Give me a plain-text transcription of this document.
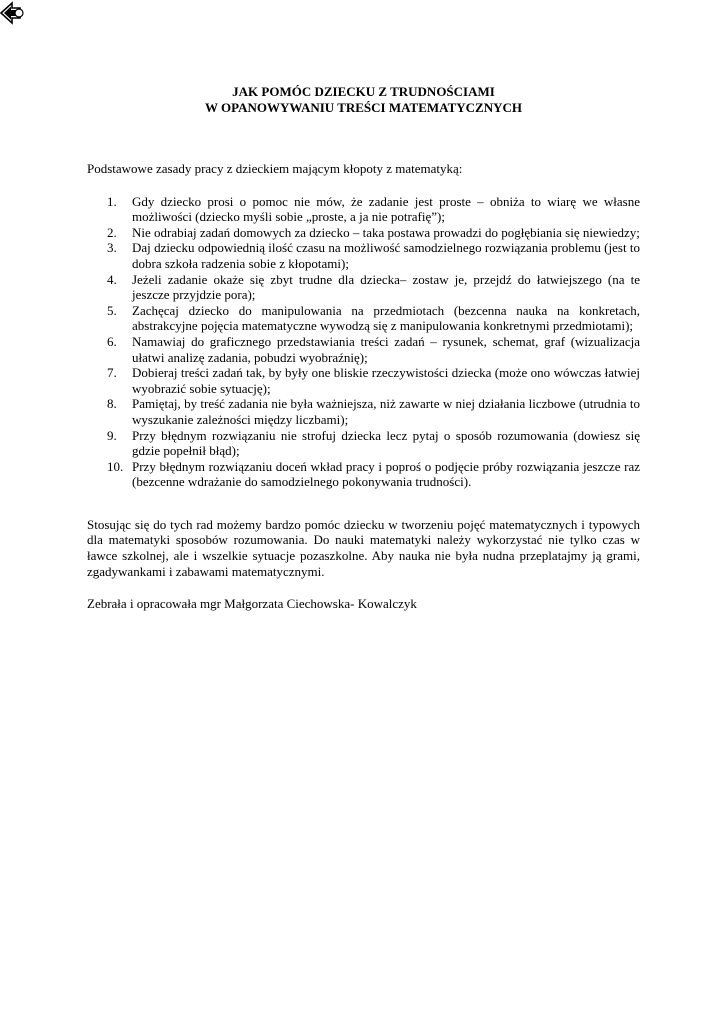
JAK POMÓC DZIECKU Z TRUDNOŚCIAMI
W OPANOWYWANIU TREŚCI MATEMATYCZNYCH

Podstawowe zasady pracy z dzieckiem mającym kłopoty z matematyką:

1.	Gdy dziecko prosi o pomoc nie mów, że zadanie jest proste – obniża to wiarę we własne możliwości (dziecko myśli sobie „proste, a ja nie potrafię”);
2.	Nie odrabiaj zadań domowych za dziecko – taka postawa prowadzi do pogłębiania się niewiedzy;
3.	Daj dziecku odpowiednią ilość czasu na możliwość samodzielnego rozwiązania problemu (jest to dobra szkoła radzenia sobie z kłopotami);
4.	Jeżeli zadanie okaże się zbyt trudne dla dziecka– zostaw je, przejdź do łatwiejszego (na te jeszcze przyjdzie pora);
5.	Zachęcaj dziecko do manipulowania na przedmiotach (bezcenna nauka na konkretach, abstrakcyjne pojęcia matematyczne wywodzą się z manipulowania konkretnymi przedmiotami);
6.	Namawiaj do graficznego przedstawiania treści zadań – rysunek, schemat, graf (wizualizacja ułatwi analizę zadania, pobudzi wyobraźnię);
7.	Dobieraj treści zadań tak, by były one bliskie rzeczywistości dziecka (może ono wówczas łatwiej wyobrazić sobie sytuację);
8.	Pamiętaj, by treść zadania nie była ważniejsza, niż zawarte w niej działania liczbowe (utrudnia to wyszukanie zależności między liczbami);
9.	Przy błędnym rozwiązaniu nie strofuj dziecka lecz pytaj o sposób rozumowania (dowiesz się gdzie popełnił błąd);
10. Przy błędnym rozwiązaniu doceń wkład pracy i poproś o podjęcie próby rozwiązania jeszcze raz (bezcenne wdrażanie do samodzielnego pokonywania trudności).

Stosując się do tych rad możemy bardzo pomóc dziecku w tworzeniu pojęć matematycznych i typowych dla matematyki sposobów rozumowania. Do nauki matematyki należy wykorzystać nie tylko czas w ławce szkolnej, ale i wszelkie sytuacje pozaszkolne. Aby nauka nie była nudna przeplatajmy ją grami, zgadywankami i zabawami matematycznymi.

Zebrała i opracowała mgr Małgorzata Ciechowska- Kowalczyk
